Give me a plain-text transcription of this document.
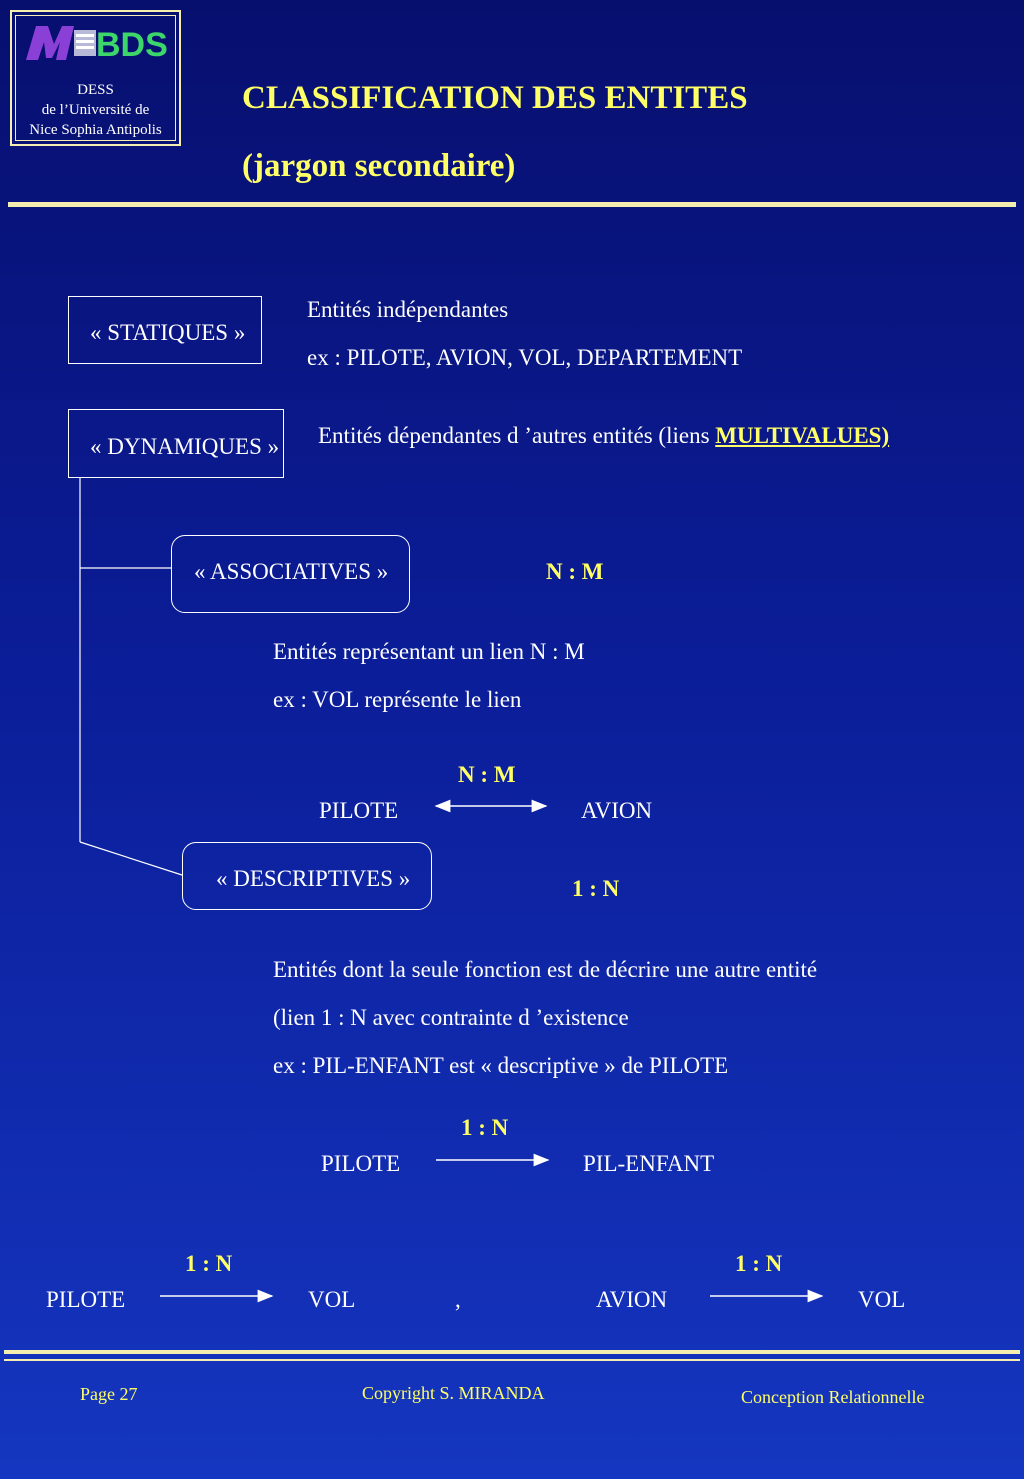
BDS
DESS
de l’Université de
Nice Sophia Antipolis
CLASSIFICATION DES ENTITES
(jargon secondaire)
« STATIQUES »
Entités indépendantes
ex : PILOTE, AVION, VOL, DEPARTEMENT
« DYNAMIQUES » Entités dépendantes d ’autres entités (liens MULTIVALUES)
« ASSOCIATIVES »	N : M
Entités représentant un lien N : M
ex : VOL représente le lien
N : M
PILOTE	AVION
« DESCRIPTIVES »	1 : N
Entités dont la seule fonction est de décrire une autre entité
(lien 1 : N avec contrainte d ’existence
ex : PIL-ENFANT est « descriptive » de PILOTE
1 : N
PILOTE	PIL-ENFANT
1 : N
PILOTE	VOL	,
1 : N
AVION	VOL
Page 27	Copyright S. MIRANDA	Conception Relationnelle
